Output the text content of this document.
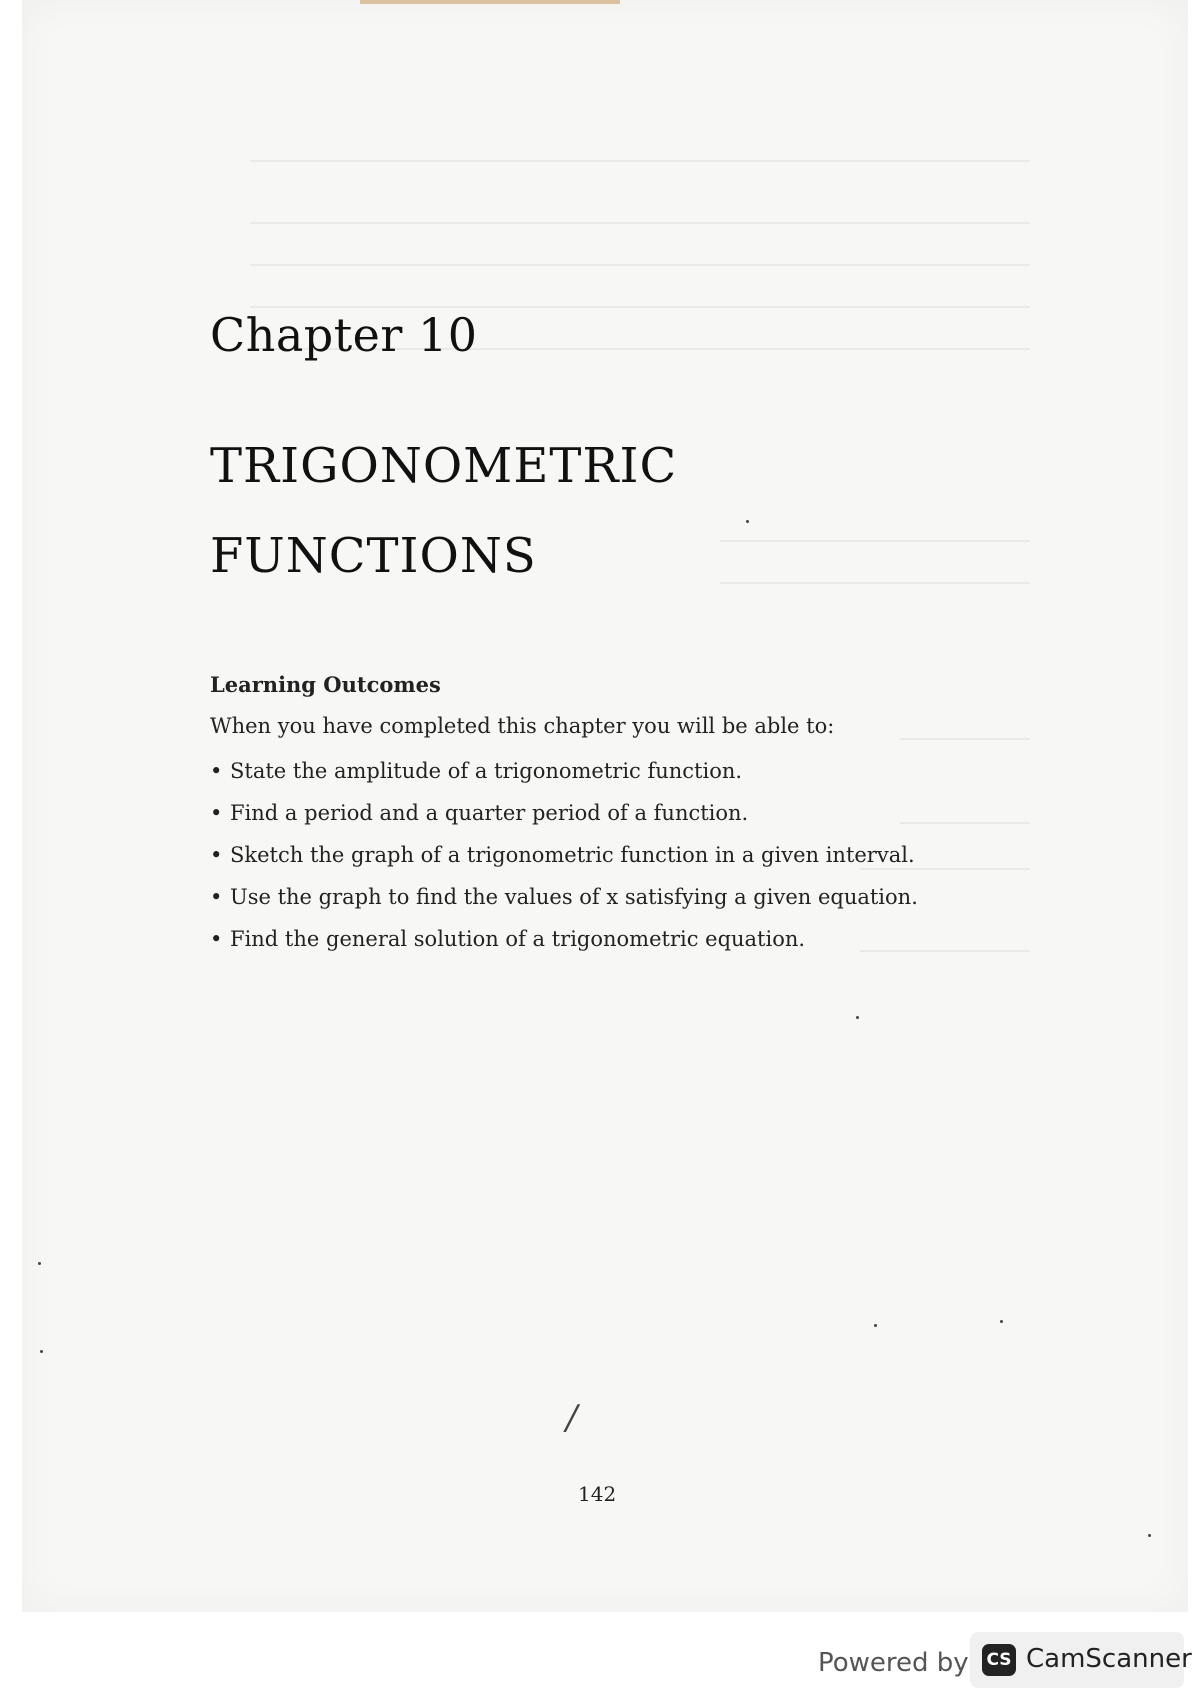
Chapter 10
TRIGONOMETRIC
FUNCTIONS
Learning Outcomes
When you have completed this chapter you will be able to:
• State the amplitude of a trigonometric function.
• Find a period and a quarter period of a function.
• Sketch the graph of a trigonometric function in a given interval.
• Use the graph to find the values of x satisfying a given equation.
• Find the general solution of a trigonometric equation.
/
142
Powered by CS CamScanner
